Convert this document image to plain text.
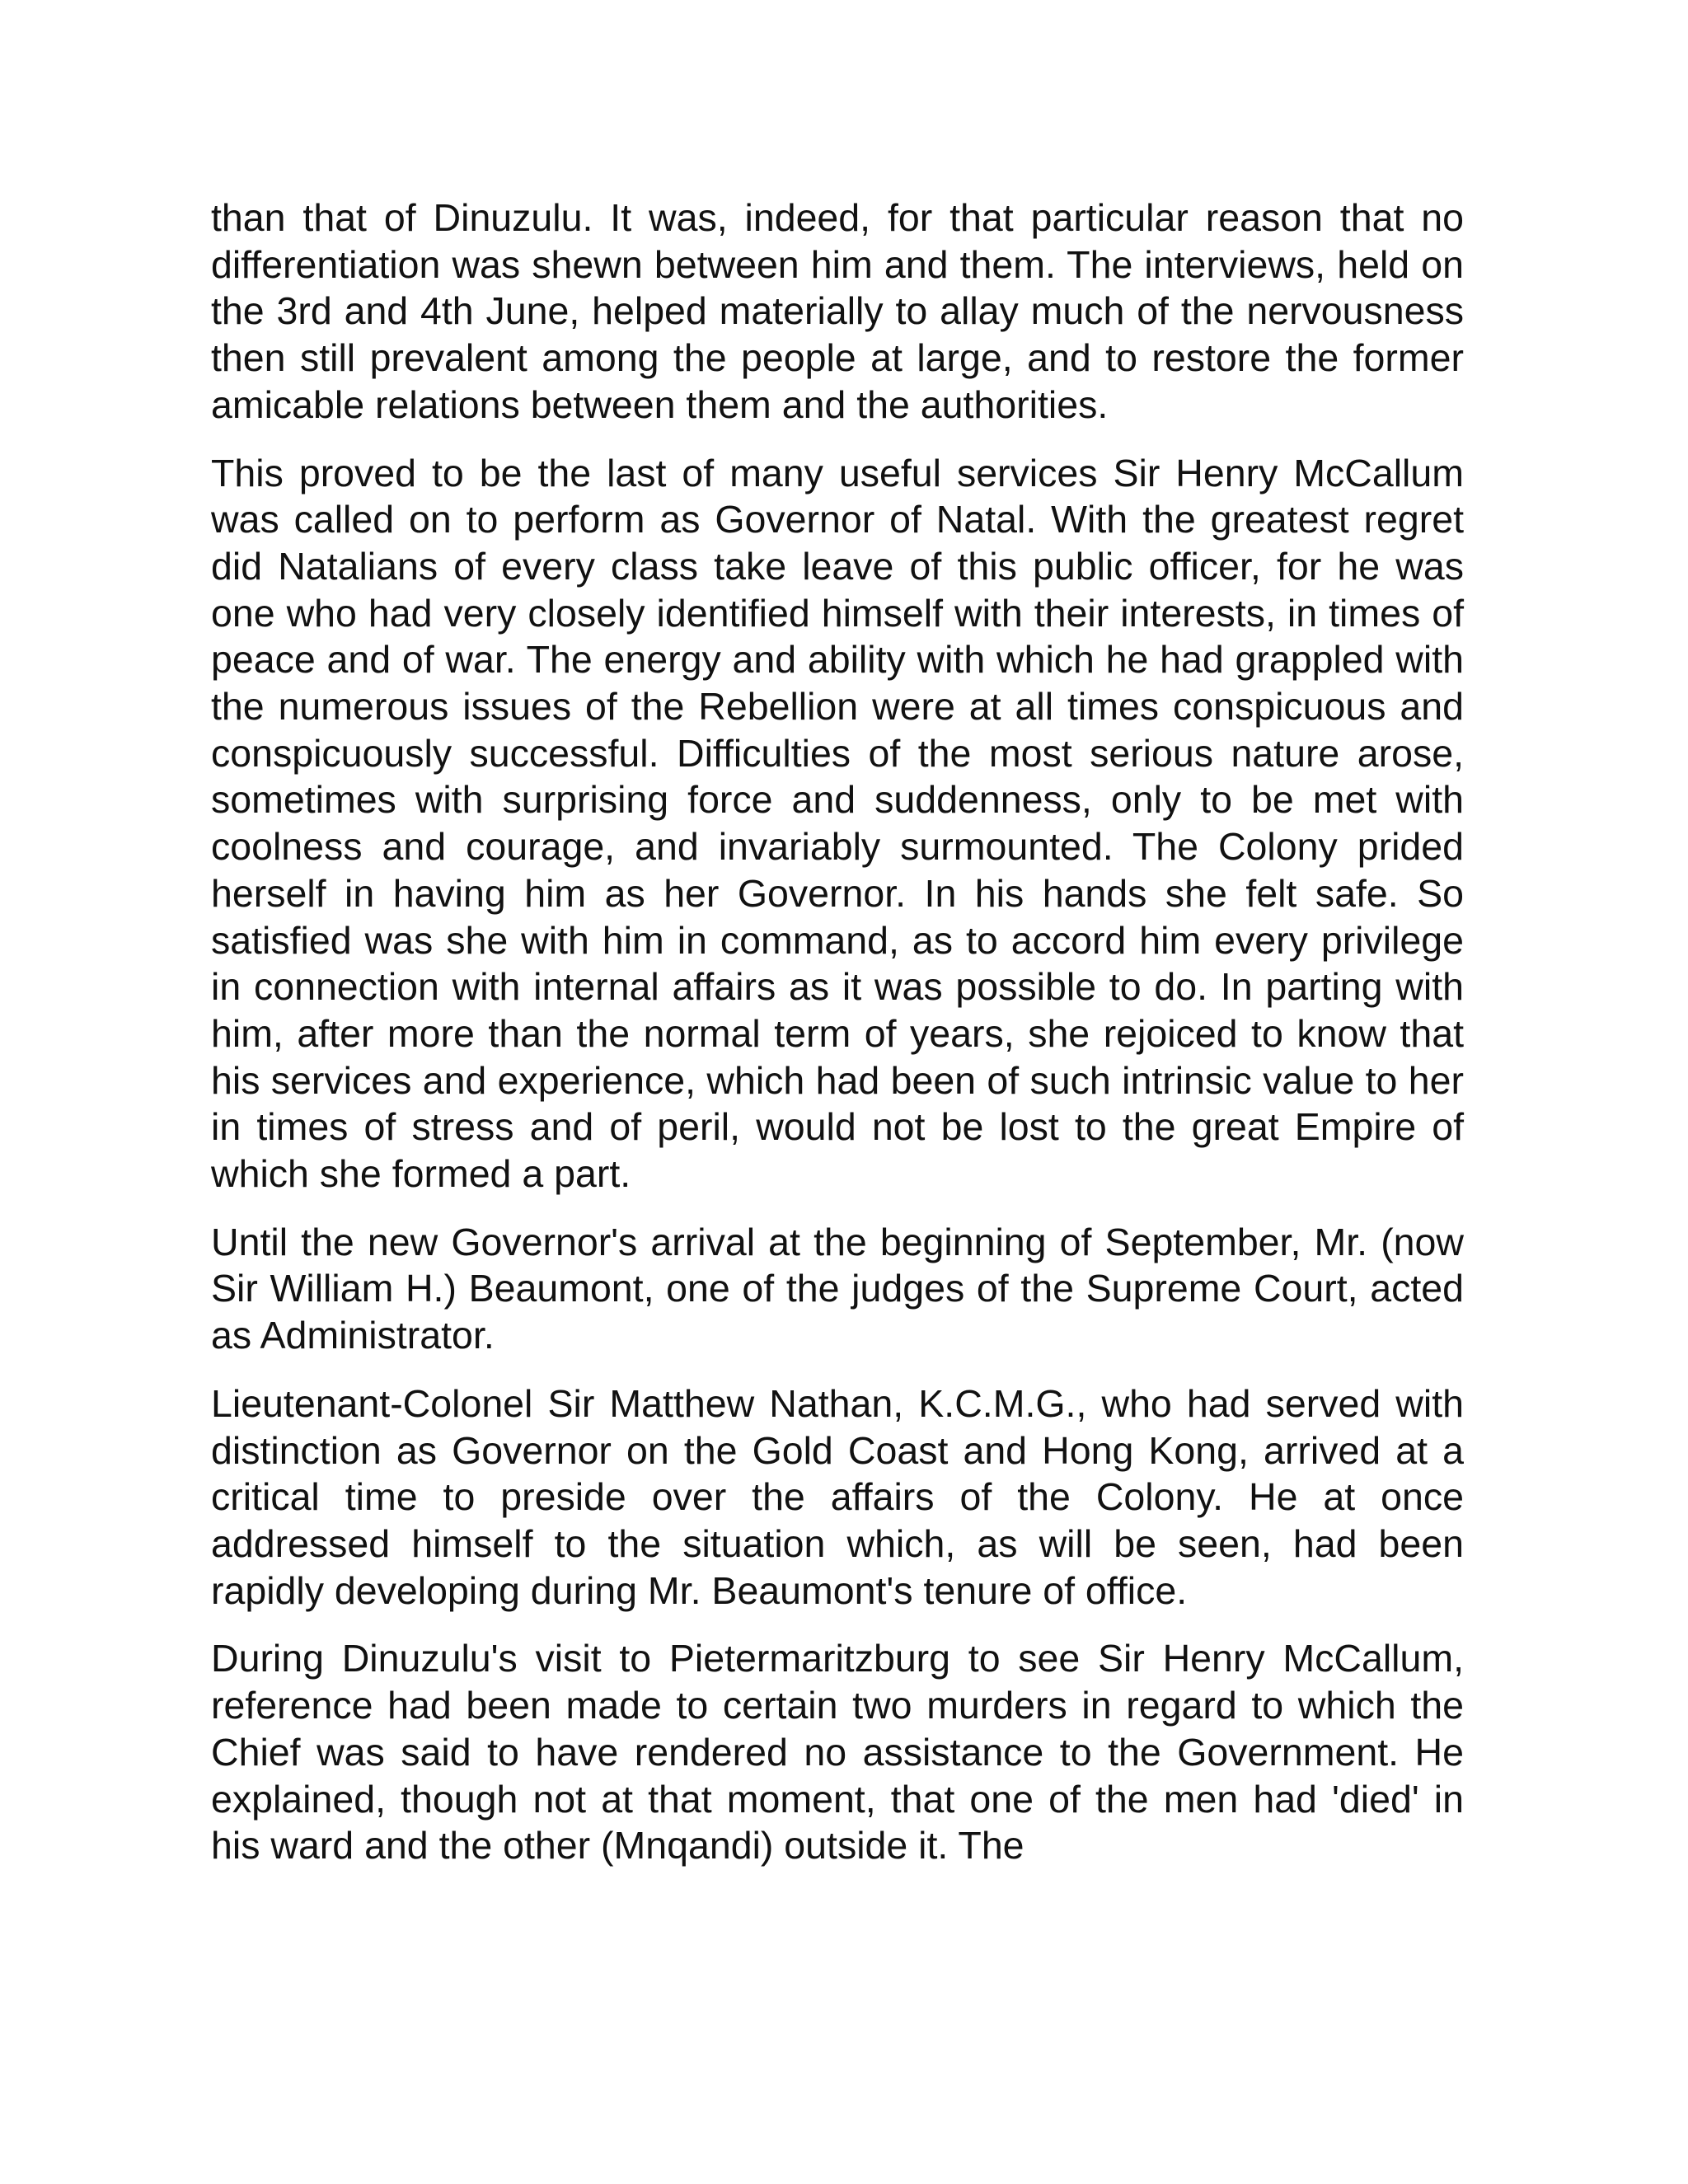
than that of Dinuzulu. It was, indeed, for that particular reason that no differentiation was shewn between him and them. The interviews, held on the 3rd and 4th June, helped materially to allay much of the nervousness then still prevalent among the people at large, and to restore the former amicable relations between them and the authorities.

This proved to be the last of many useful services Sir Henry McCallum was called on to perform as Governor of Natal. With the greatest regret did Natalians of every class take leave of this public officer, for he was one who had very closely identified himself with their interests, in times of peace and of war. The energy and ability with which he had grappled with the numerous issues of the Rebellion were at all times conspicuous and conspicuously successful. Difficulties of the most serious nature arose, sometimes with surprising force and suddenness, only to be met with coolness and courage, and invariably surmounted. The Colony prided herself in having him as her Governor. In his hands she felt safe. So satisfied was she with him in command, as to accord him every privilege in connection with internal affairs as it was possible to do. In parting with him, after more than the normal term of years, she rejoiced to know that his services and experience, which had been of such intrinsic value to her in times of stress and of peril, would not be lost to the great Empire of which she formed a part.

Until the new Governor's arrival at the beginning of September, Mr. (now Sir William H.) Beaumont, one of the judges of the Supreme Court, acted as Administrator.

Lieutenant-Colonel Sir Matthew Nathan, K.C.M.G., who had served with distinction as Governor on the Gold Coast and Hong Kong, arrived at a critical time to preside over the affairs of the Colony. He at once addressed himself to the situation which, as will be seen, had been rapidly developing during Mr. Beaumont's tenure of office.

During Dinuzulu's visit to Pietermaritzburg to see Sir Henry McCallum, reference had been made to certain two murders in regard to which the Chief was said to have rendered no assistance to the Government. He explained, though not at that moment, that one of the men had 'died' in his ward and the other (Mnqandi) outside it. The
